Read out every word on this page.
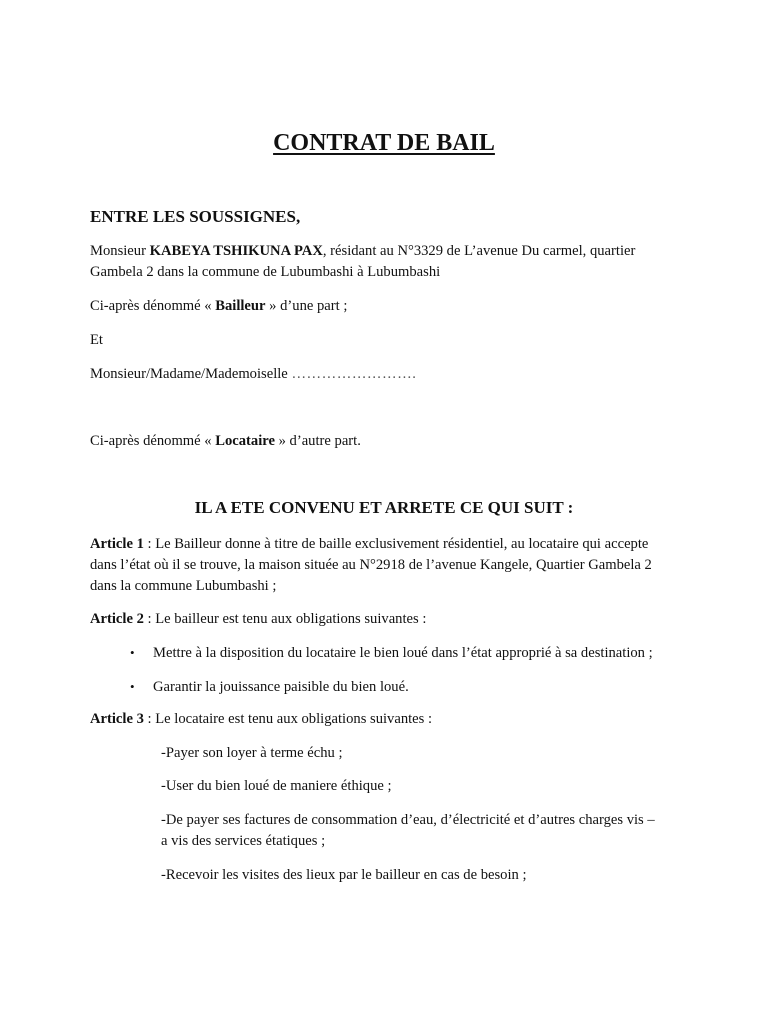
CONTRAT DE BAIL
ENTRE LES SOUSSIGNES,
Monsieur KABEYA TSHIKUNA PAX, résidant au N°3329 de L’avenue Du carmel, quartier
Gambela 2 dans la commune de Lubumbashi à Lubumbashi
Ci-après dénommé « Bailleur » d’une part ;
Et
Monsieur/Madame/Mademoiselle …………………….
Ci-après dénommé « Locataire » d’autre part.
IL A ETE CONVENU ET ARRETE CE QUI SUIT :
Article 1 : Le Bailleur donne à titre de baille exclusivement résidentiel, au locataire qui accepte
dans l’état où il se trouve, la maison située au N°2918 de l’avenue Kangele, Quartier Gambela 2
dans la commune Lubumbashi ;
Article 2 : Le bailleur est tenu aux obligations suivantes :
• Mettre à la disposition du locataire le bien loué dans l’état approprié à sa destination ;
• Garantir la jouissance paisible du bien loué.
Article 3 : Le locataire est tenu aux obligations suivantes :
-Payer son loyer à terme échu ;
-User du bien loué de maniere éthique ;
-De payer ses factures de consommation d’eau, d’électricité et d’autres charges vis –
a vis des services étatiques ;
-Recevoir les visites des lieux par le bailleur en cas de besoin ;
